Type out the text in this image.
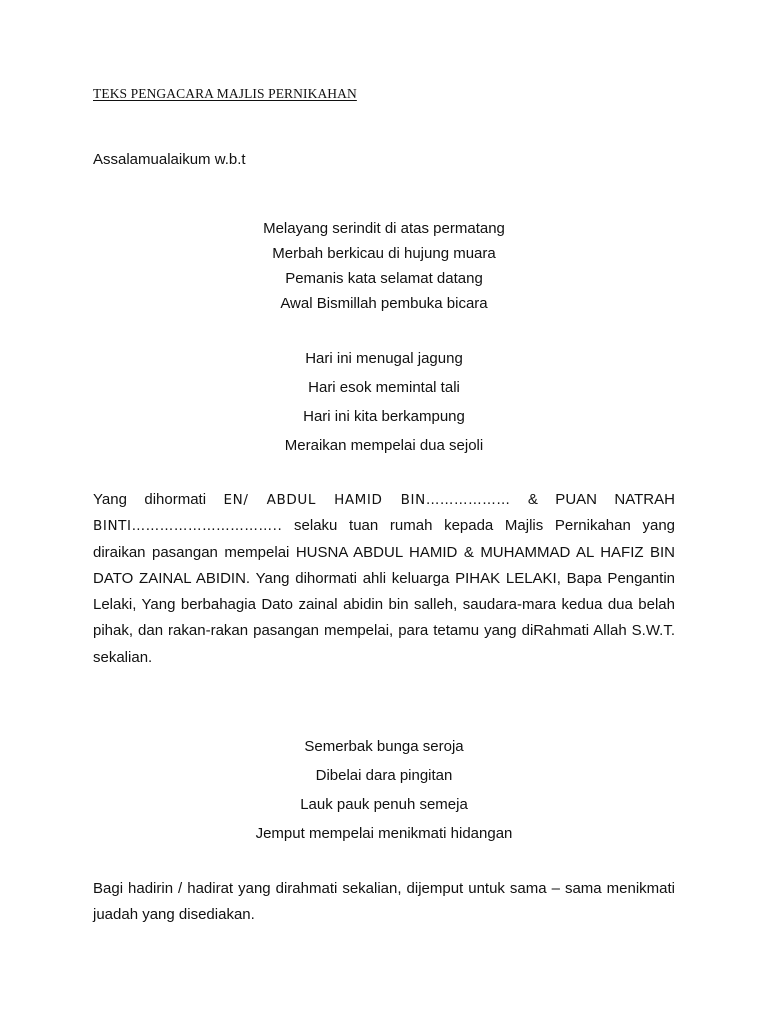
TEKS PENGACARA MAJLIS PERNIKAHAN
Assalamualaikum w.b.t
Melayang serindit di atas permatang
Merbah berkicau di hujung muara
Pemanis kata selamat datang
Awal Bismillah pembuka bicara
Hari ini menugal jagung
Hari esok memintal tali
Hari ini kita berkampung
Meraikan mempelai dua sejoli
Yang dihormati EN/ ABDUL HAMID BIN……………… & PUAN NATRAH BINTI………………………….. selaku tuan rumah kepada Majlis Pernikahan yang diraikan pasangan mempelai HUSNA ABDUL HAMID & MUHAMMAD AL HAFIZ BIN DATO ZAINAL ABIDIN. Yang dihormati ahli keluarga PIHAK LELAKI, Bapa Pengantin Lelaki, Yang berbahagia Dato zainal abidin bin salleh, saudara-mara kedua dua belah pihak, dan rakan-rakan pasangan mempelai, para tetamu yang diRahmati Allah S.W.T. sekalian.
Semerbak bunga seroja
Dibelai dara pingitan
Lauk pauk penuh semeja
Jemput mempelai menikmati hidangan
Bagi hadirin / hadirat yang dirahmati sekalian, dijemput untuk sama – sama menikmati juadah yang disediakan.
